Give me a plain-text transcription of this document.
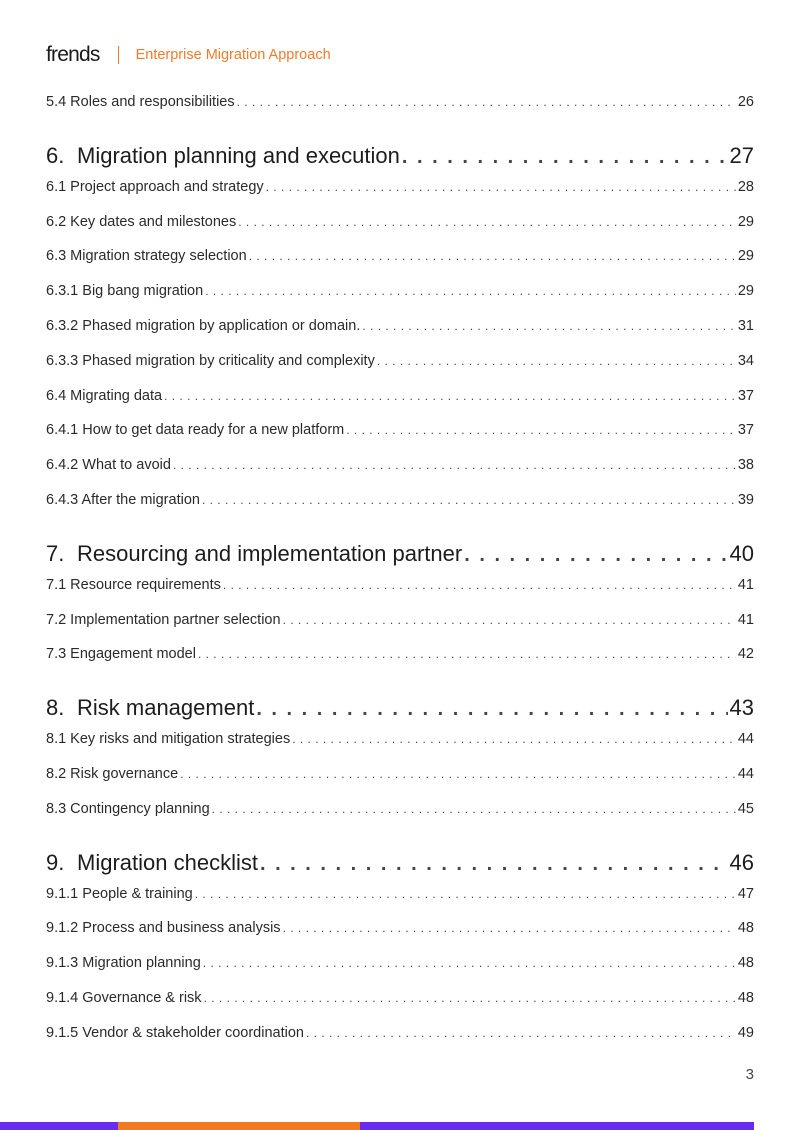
frends Enterprise Migration Approach
5.4 Roles and responsibilities . . .	26
6. Migration planning and execution . . .	27
6.1 Project approach and strategy . . .	28
6.2 Key dates and milestones . . .	29
6.3 Migration strategy selection . . .	29
6.3.1 Big bang migration . . .	29
6.3.2 Phased migration by application or domain. . . .	31
6.3.3 Phased migration by criticality and complexity . . .	34
6.4 Migrating data . . .	37
6.4.1 How to get data ready for a new platform . . .	37
6.4.2 What to avoid . . .	38
6.4.3 After the migration . . .	39
7. Resourcing and implementation partner . . .	40
7.1 Resource requirements . . .	41
7.2 Implementation partner selection . . .	41
7.3 Engagement model . . .	42
8. Risk management . . .	43
8.1 Key risks and mitigation strategies . . .	44
8.2 Risk governance . . .	44
8.3 Contingency planning . . .	45
9. Migration checklist . . .	46
9.1.1 People & training . . .	47
9.1.2 Process and business analysis . . .	48
9.1.3 Migration planning . . .	48
9.1.4 Governance & risk . . .	48
9.1.5 Vendor & stakeholder coordination . . .	49
3
